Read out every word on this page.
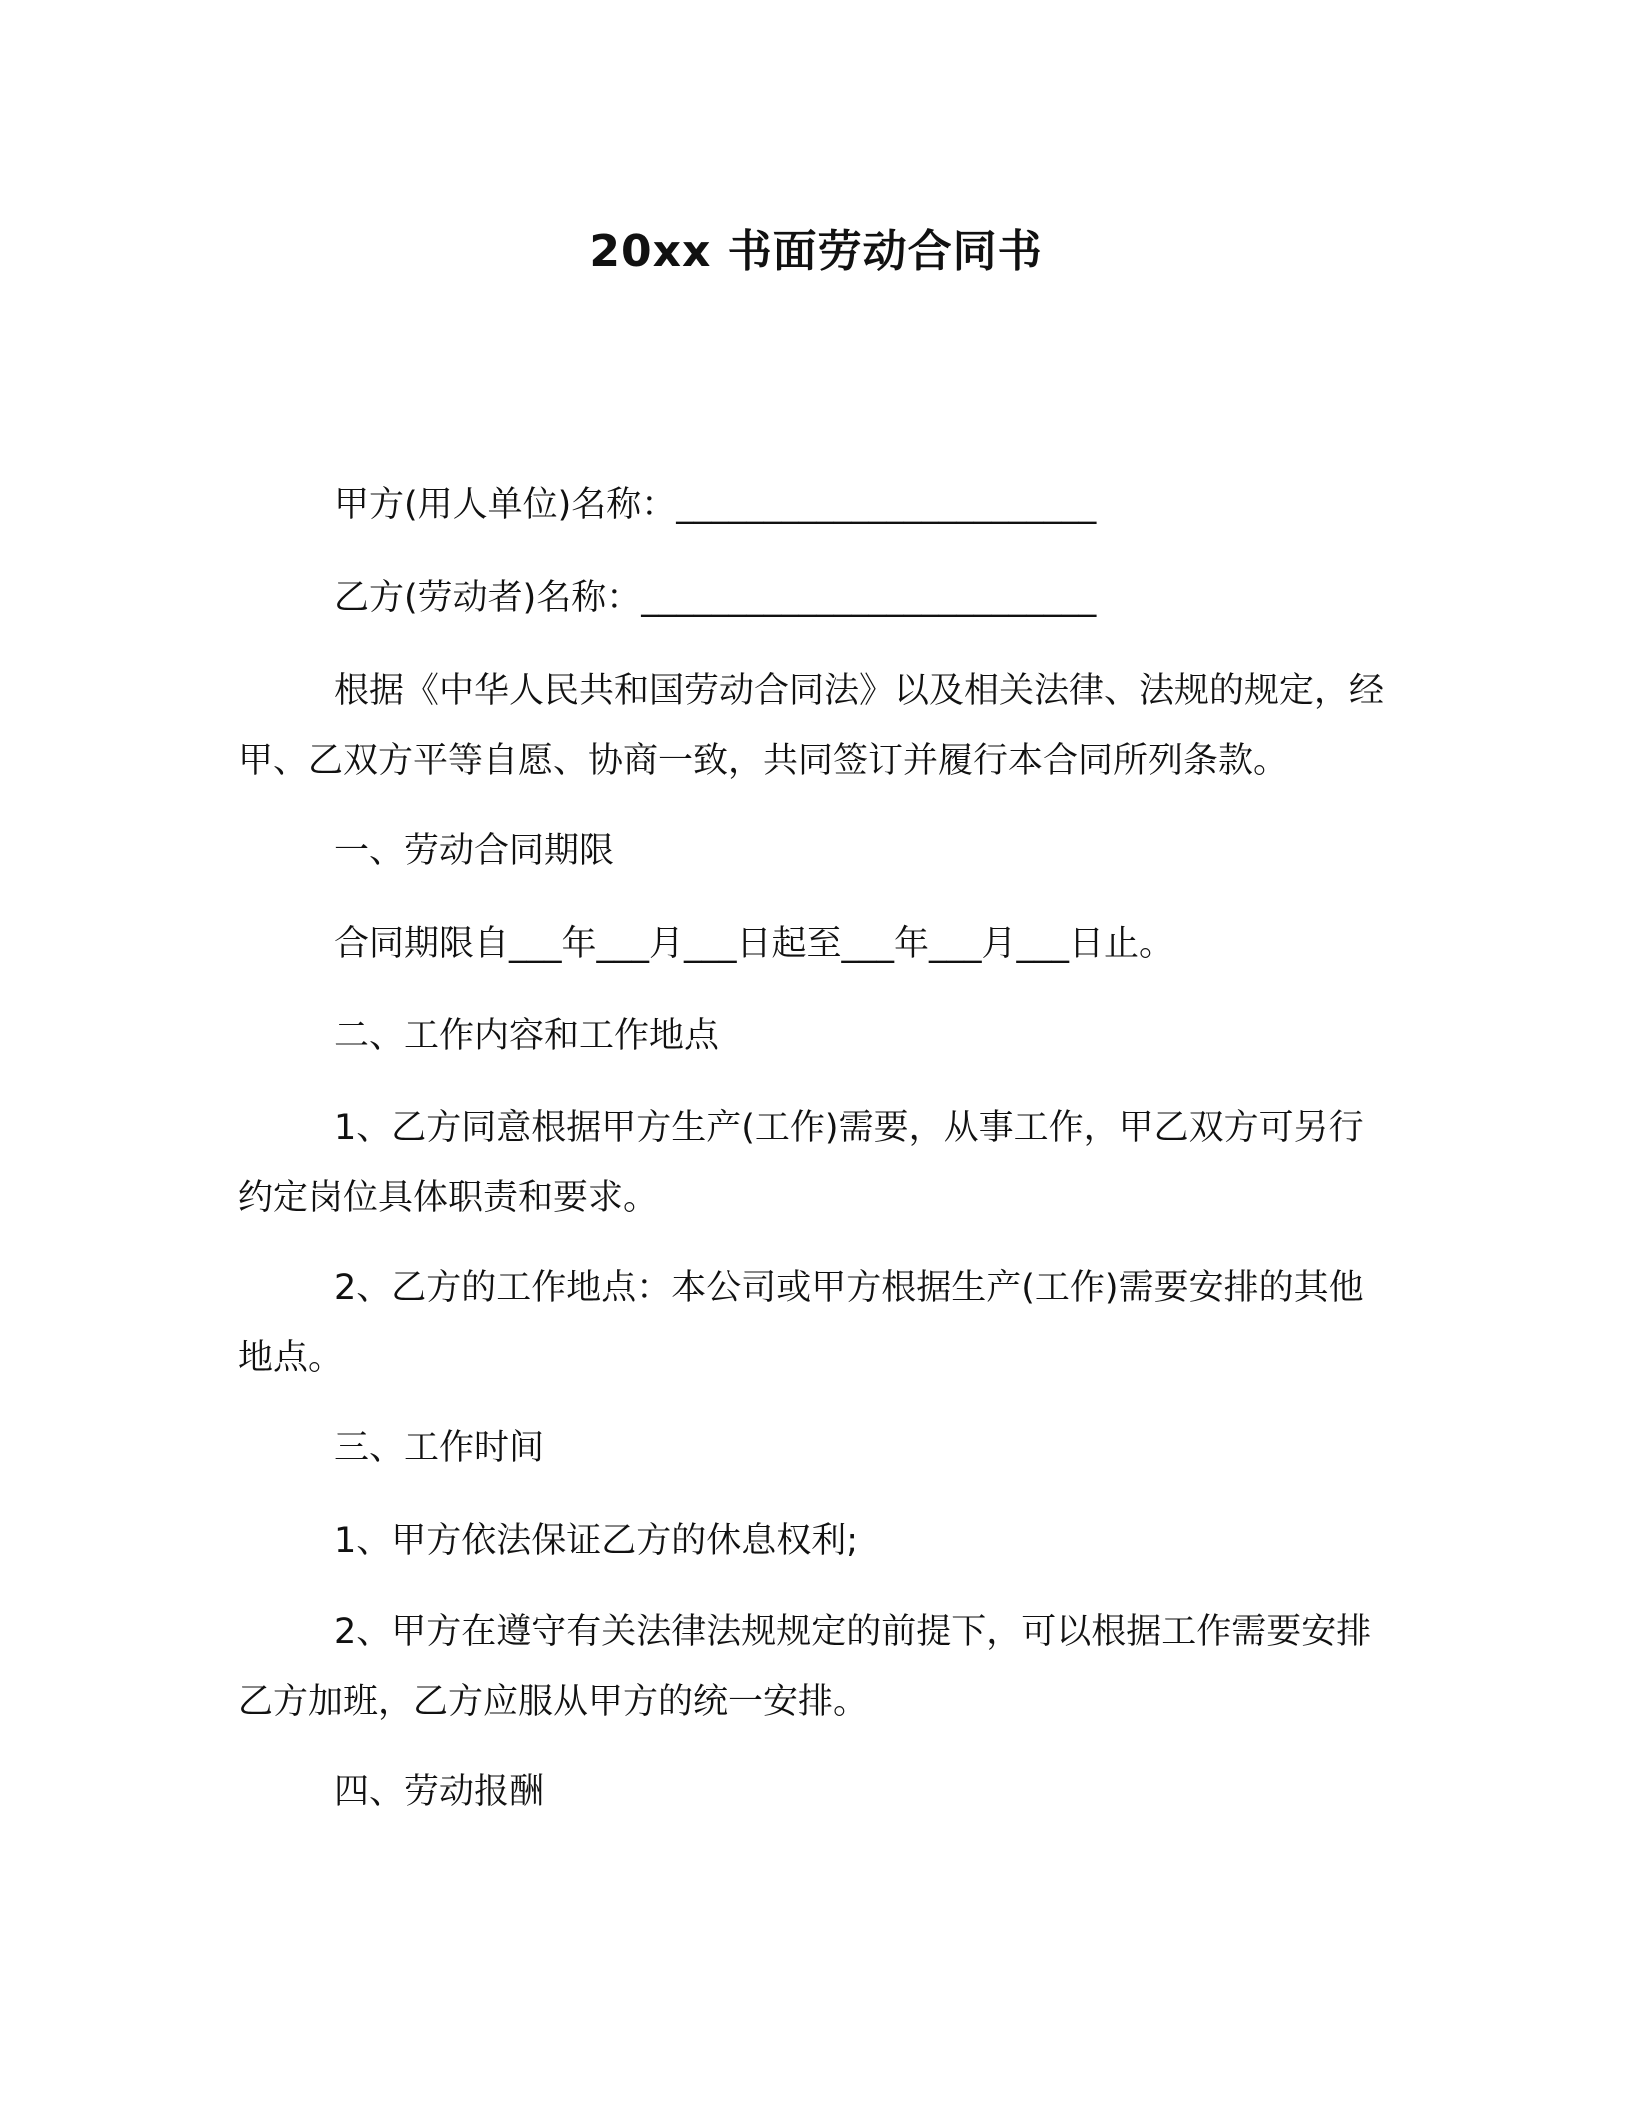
20xx 书面劳动合同书
甲方(用人单位)名称：________________________
乙方(劳动者)名称：__________________________
根据《中华人民共和国劳动合同法》以及相关法律、法规的规定，经甲、乙双方平等自愿、协商一致，共同签订并履行本合同所列条款。
一、劳动合同期限
合同期限自___年___月___日起至___年___月___日止。
二、工作内容和工作地点
1、乙方同意根据甲方生产(工作)需要，从事工作，甲乙双方可另行约定岗位具体职责和要求。
2、乙方的工作地点：本公司或甲方根据生产(工作)需要安排的其他地点。
三、工作时间
1、甲方依法保证乙方的休息权利;
2、甲方在遵守有关法律法规规定的前提下，可以根据工作需要安排乙方加班，乙方应服从甲方的统一安排。
四、劳动报酬
